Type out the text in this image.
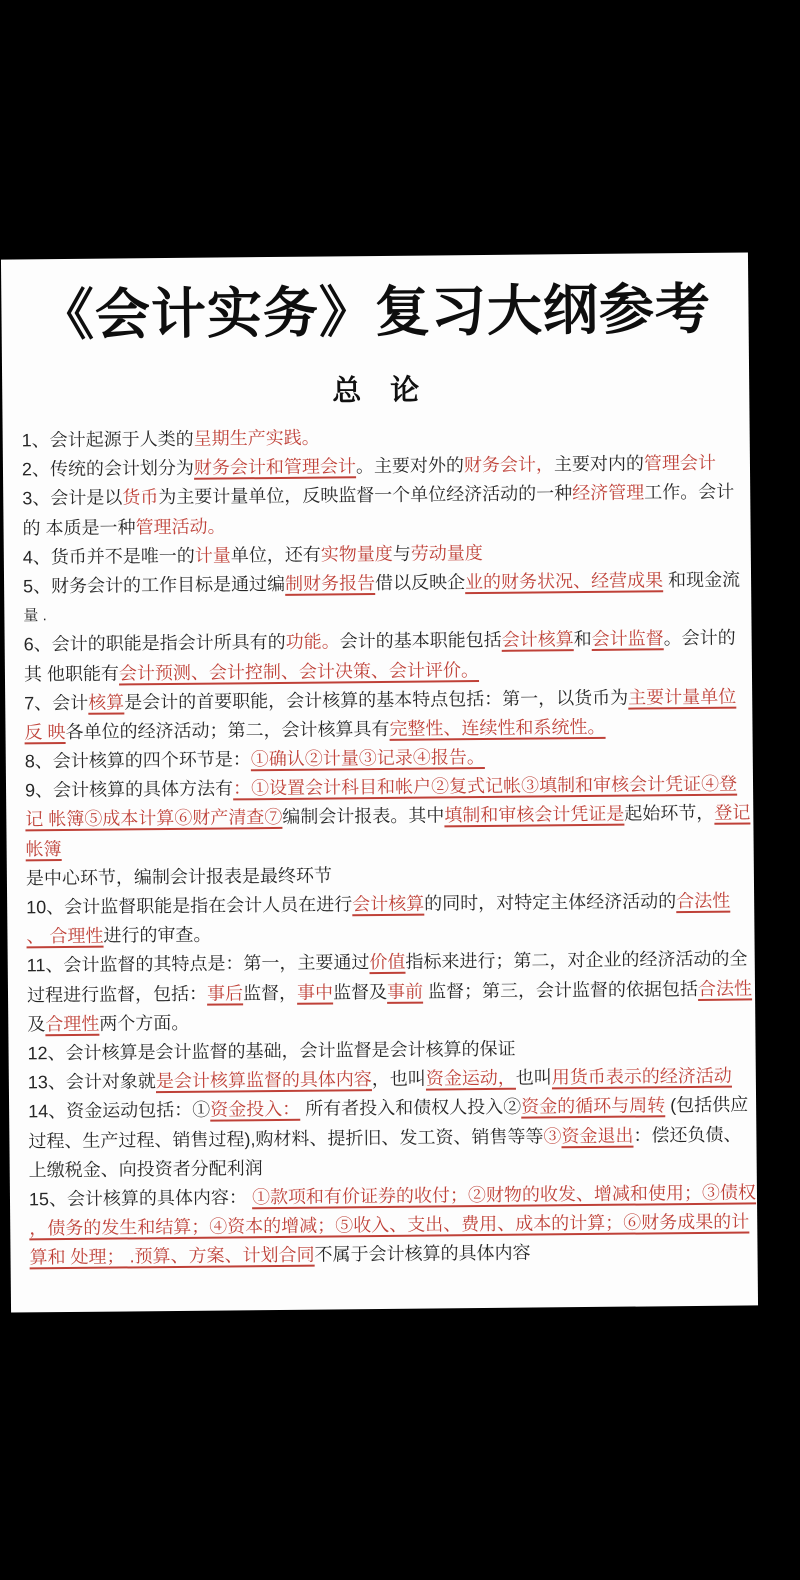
《会计实务》复习大纲参考
总　论
1、会计起源于人类的呈期生产实践。
2、传统的会计划分为财务会计和管理会计。主要对外的财务会计，主要对内的管理会计
3、会计是以货币为主要计量单位，反映监督一个单位经济活动的一种经济管理工作。会计
的 本质是一种管理活动。
4、货币并不是唯一的计量单位，还有实物量度与劳动量度
5、财务会计的工作目标是通过编制财务报告借以反映企业的财务状况、经营成果 和现金流
量 .
6、会计的职能是指会计所具有的功能。会计的基本职能包括会计核算和会计监督。会计的
其 他职能有会计预测、会计控制、会计决策、会计评价。
7、会计核算是会计的首要职能，会计核算的基本特点包括：第一，以货币为主要计量单位
反 映各单位的经济活动；第二，会计核算具有完整性、连续性和系统性。
8、会计核算的四个环节是：①确认②计量③记录④报告。
9、会计核算的具体方法有：①设置会计科目和帐户②复式记帐③填制和审核会计凭证④登
记 帐簿⑤成本计算⑥财产清查⑦编制会计报表。其中填制和审核会计凭证是起始环节，登记
帐簿
是中心环节，编制会计报表是最终环节
10、会计监督职能是指在会计人员在进行会计核算的同时，对特定主体经济活动的合法性
、 合理性进行的审查。
11、会计监督的其特点是：第一，主要通过价值指标来进行；第二，对企业的经济活动的全
过程进行监督，包括：事后监督，事中监督及事前 监督；第三，会计监督的依据包括合法性
及合理性两个方面。
12、会计核算是会计监督的基础，会计监督是会计核算的保证
13、会计对象就是会计核算监督的具体内容，也叫资金运动，也叫用货币表示的经济活动
14、资金运动包括：①资金投入： 所有者投入和债权人投入②资金的循环与周转 (包括供应
过程、生产过程、销售过程),购材料、提折旧、发工资、销售等等③资金退出：偿还负债、
上缴税金、向投资者分配利润
15、会计核算的具体内容： ①款项和有价证券的收付；②财物的收发、增减和使用；③债权
，债务的发生和结算；④资本的增减；⑤收入、支出、费用、成本的计算；⑥财务成果的计
算和 处理； .预算、方案、计划合同不属于会计核算的具体内容
